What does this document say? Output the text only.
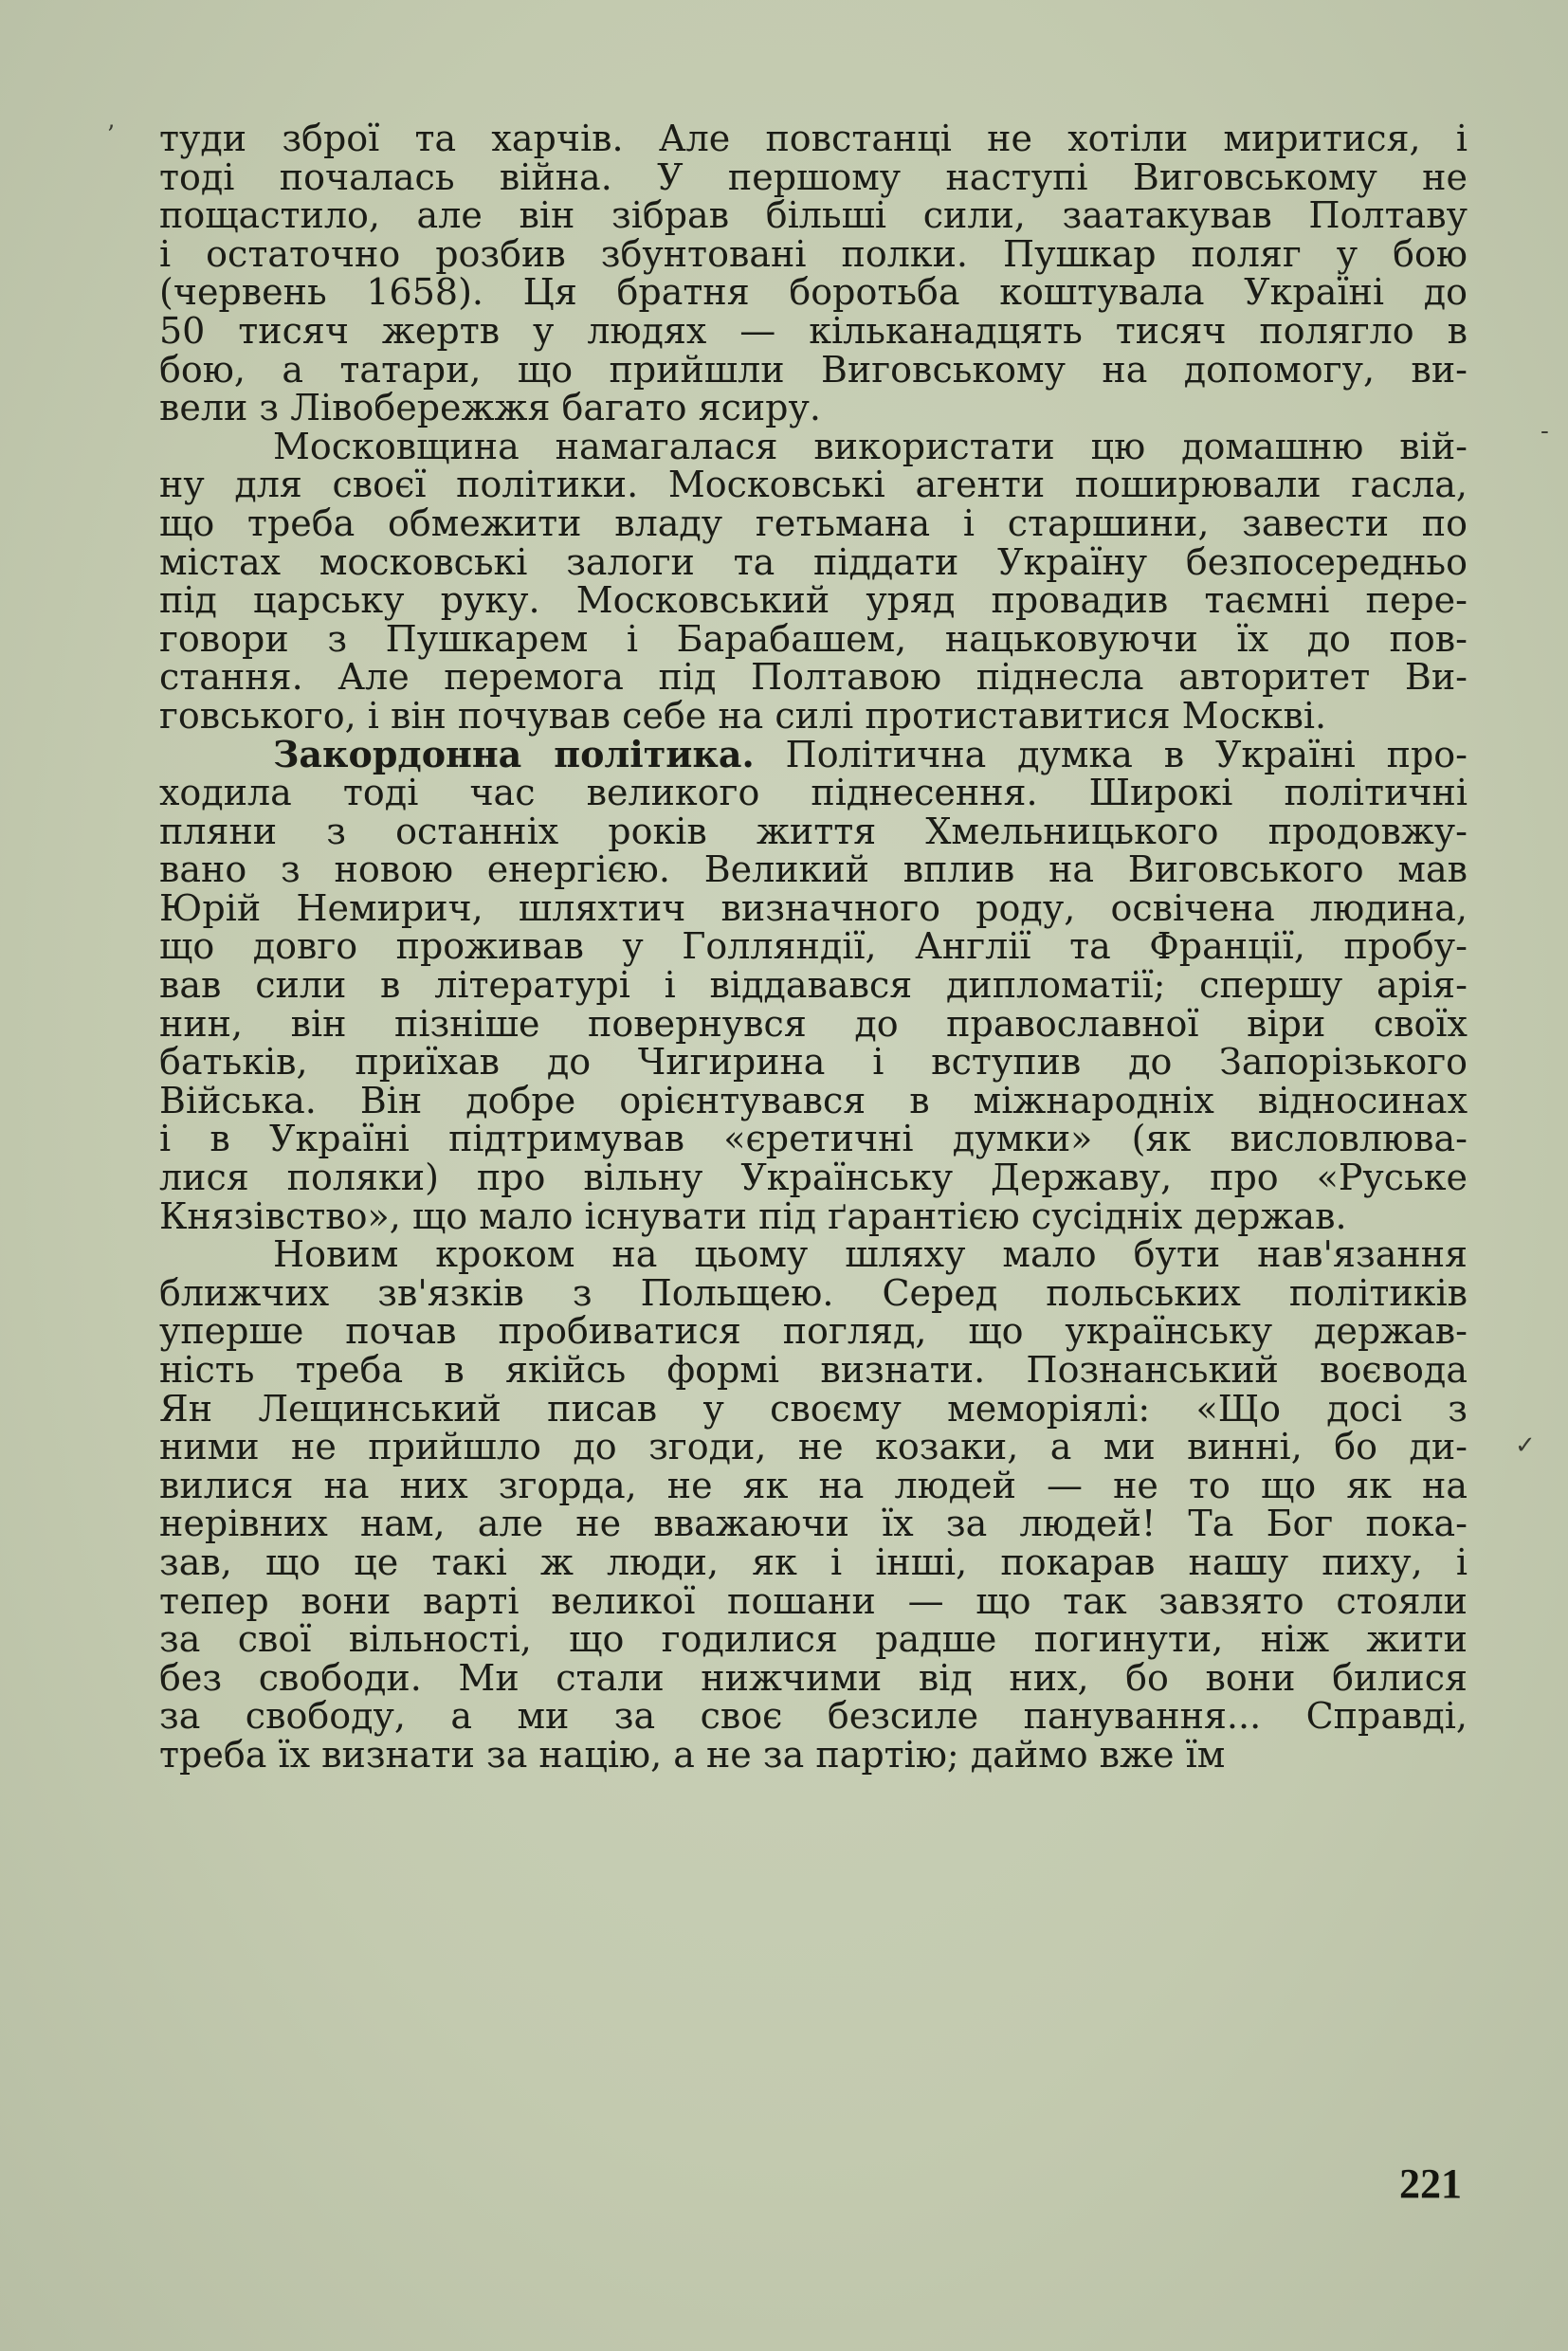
туди зброї та харчів. Але повстанці не хотіли миритися, і
тоді почалась війна. У першому наступі Виговському не
пощастило, але він зібрав більші сили, заатакував Полтаву
і остаточно розбив збунтовані полки. Пушкар поляг у бою
(червень 1658). Ця братня боротьба коштувала Україні до
50 тисяч жертв у людях — кільканадцять тисяч полягло в
бою, а татари, що прийшли Виговському на допомогу, ви-
вели з Лівобережжя багато ясиру.
Московщина намагалася використати цю домашню вій-
ну для своєї політики. Московські агенти поширювали гасла,
що треба обмежити владу гетьмана і старшини, завести по
містах московські залоги та піддати Україну безпосередньо
під царську руку. Московський уряд провадив таємні пере-
говори з Пушкарем і Барабашем, нацьковуючи їх до пов-
стання. Але перемога під Полтавою піднесла авторитет Ви-
говського, і він почував себе на силі протиставитися Москві.
Закордонна політика. Політична думка в Україні про-
ходила тоді час великого піднесення. Широкі політичні
пляни з останніх років життя Хмельницького продовжу-
вано з новою енергією. Великий вплив на Виговського мав
Юрій Немирич, шляхтич визначного роду, освічена людина,
що довго проживав у Голляндії, Англії та Франції, пробу-
вав сили в літературі і віддавався дипломатії; спершу арія-
нин, він пізніше повернувся до православної віри своїх
батьків, приїхав до Чигирина і вступив до Запорізького
Війська. Він добре орієнтувався в міжнародніх відносинах
і в Україні підтримував «єретичні думки» (як висловлюва-
лися поляки) про вільну Українську Державу, про «Руське
Князівство», що мало існувати під ґарантією сусідніх держав.
Новим кроком на цьому шляху мало бути нав'язання
ближчих зв'язків з Польщею. Серед польських політиків
уперше почав пробиватися погляд, що українську держав-
ність треба в якійсь формі визнати. Познанський воєвода
Ян Лещинський писав у своєму меморіялі: «Що досі з
ними не прийшло до згоди, не козаки, а ми винні, бо ди-
вилися на них згорда, не як на людей — не то що як на
нерівних нам, але не вважаючи їх за людей! Та Бог пока-
зав, що це такі ж люди, як і інші, покарав нашу пиху, і
тепер вони варті великої пошани — що так завзято стояли
за свої вільності, що годилися радше погинути, ніж жити
без свободи. Ми стали нижчими від них, бо вони билися
за свободу, а ми за своє безсиле панування... Справді,
треба їх визнати за націю, а не за партію; даймо вже їм
221
ʼ
-
✓
